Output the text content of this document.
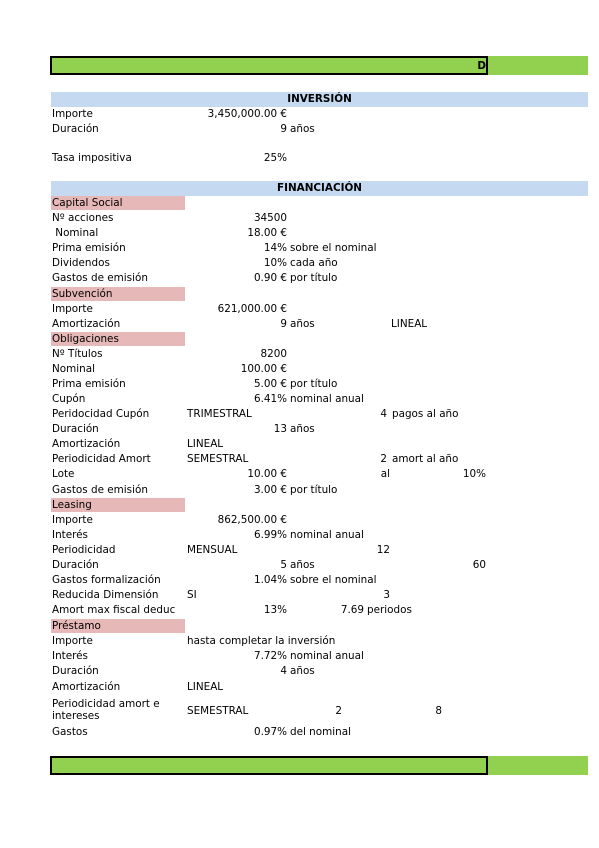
D
INVERSIÓN
Importe	3,450,000.00 €
Duración	9 años
Tasa impositiva	25%
FINANCIACIÓN
Capital Social
Nº acciones	34500
Nominal	18.00 €
Prima emisión	14% sobre el nominal
Dividendos	10% cada año
Gastos de emisión	0.90 € por título
Subvención
Importe	621,000.00 €
Amortización	9 años	LINEAL
Obligaciones
Nº Títulos	8200
Nominal	100.00 €
Prima emisión	5.00 € por título
Cupón	6.41% nominal anual
Peridocidad Cupón	TRIMESTRAL	4 pagos al año
Duración	13 años
Amortización	LINEAL
Periodicidad Amort	SEMESTRAL	2 amort al año
Lote	10.00 €	al	10%
Gastos de emisión	3.00 € por título
Leasing
Importe	862,500.00 €
Interés	6.99% nominal anual
Periodicidad	MENSUAL	12
Duración	5 años	60
Gastos formalización	1.04% sobre el nominal
Reducida Dimensión	SI	3
Amort max fiscal deduc	13%	7.69 periodos
Préstamo
Importe	hasta completar la inversión
Interés	7.72% nominal anual
Duración	4 años
Amortización	LINEAL
Periodicidad amort e
intereses	SEMESTRAL	2	8
Gastos	0.97% del nominal
